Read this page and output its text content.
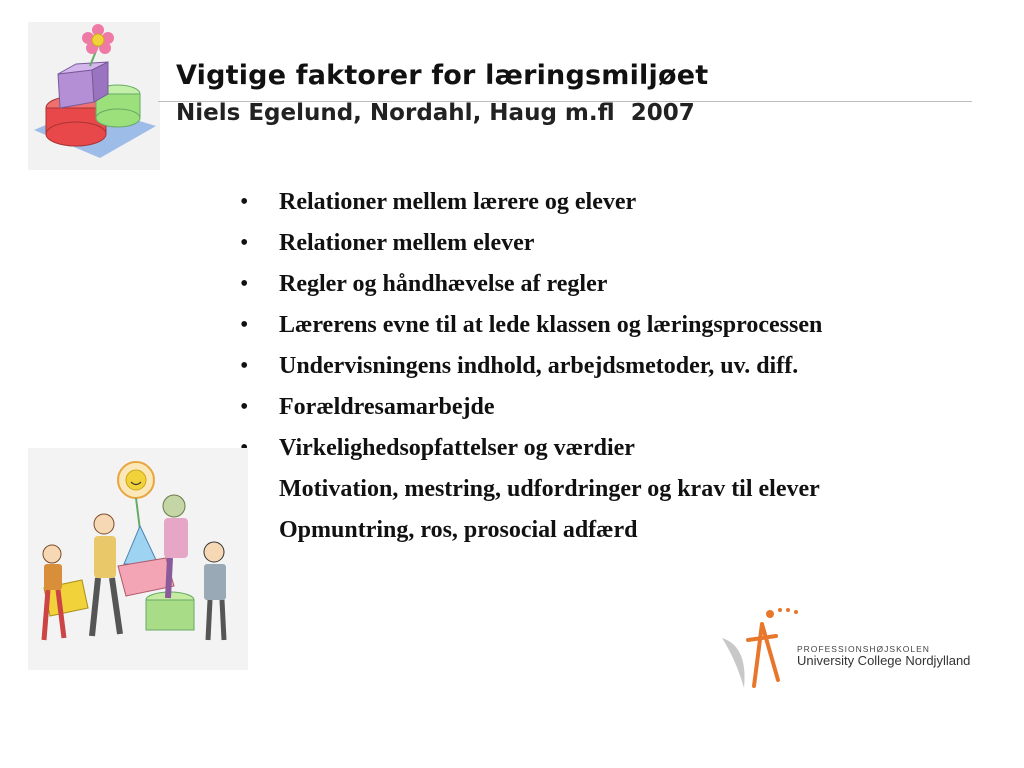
Vigtige faktorer for læringsmiljøet
Niels Egelund, Nordahl, Haug m.fl  2007
• Relationer mellem lærere og elever
• Relationer mellem elever
• Regler og håndhævelse af regler
• Lærerens evne til at lede klassen og læringsprocessen
• Undervisningens indhold, arbejdsmetoder, uv. diff.
• Forældresamarbejde
• Virkelighedsopfattelser og værdier
• Motivation, mestring, udfordringer og krav til elever
• Opmuntring, ros, prosocial adfærd
PROFESSIONSHØJSKOLEN
University College Nordjylland
